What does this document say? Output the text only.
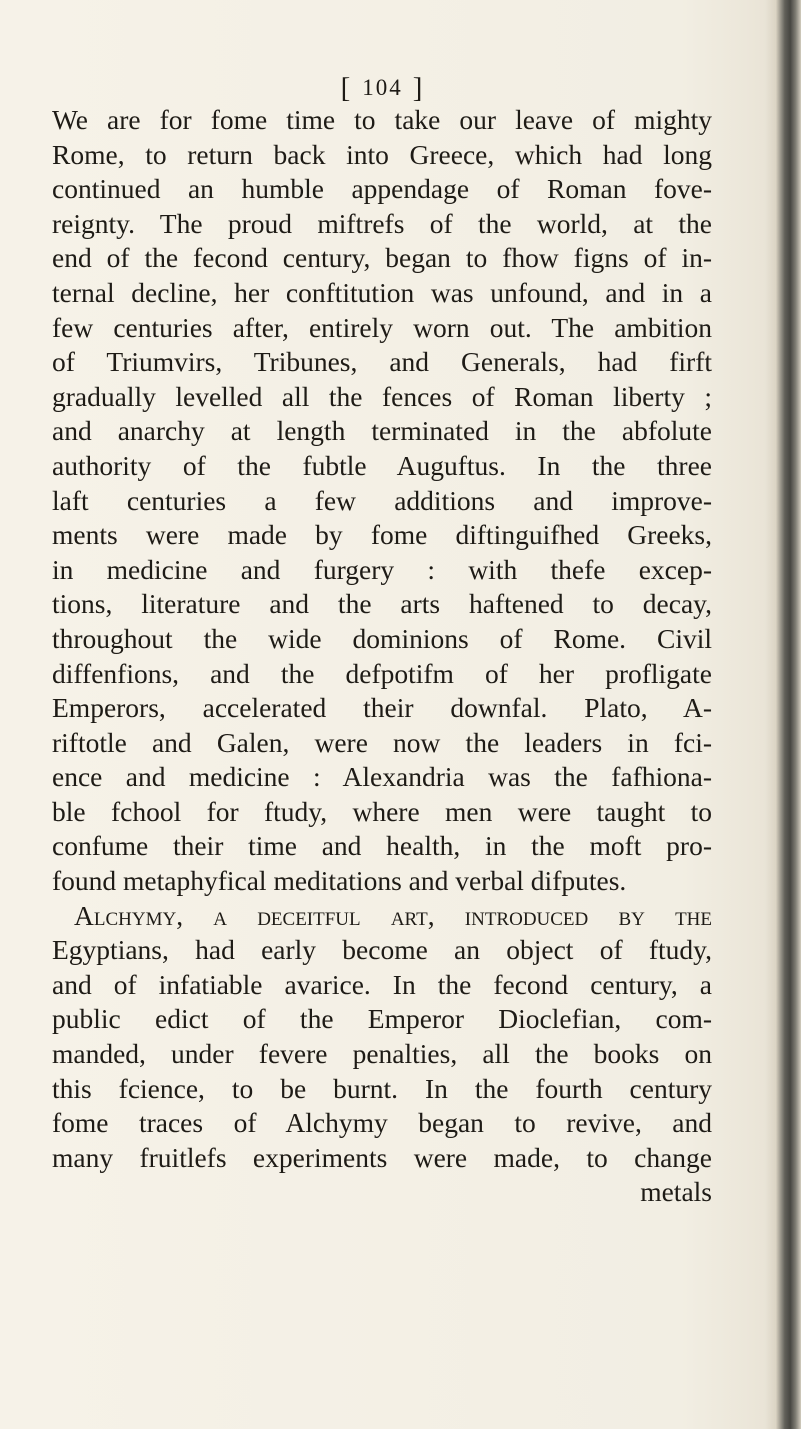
[ 104 ]
We are for fome time to take our leave of mighty
Rome, to return back into Greece, which had long
continued an humble appendage of Roman fove-
reignty. The proud miftrefs of the world, at the
end of the fecond century, began to fhow figns of in-
ternal decline, her conftitution was unfound, and in a
few centuries after, entirely worn out. The ambition
of Triumvirs, Tribunes, and Generals, had firft
gradually levelled all the fences of Roman liberty ;
and anarchy at length terminated in the abfolute
authority of the fubtle Auguftus. In the three
laft centuries a few additions and improve-
ments were made by fome diftinguifhed Greeks,
in medicine and furgery : with thefe excep-
tions, literature and the arts haftened to decay,
throughout the wide dominions of Rome. Civil
diffenfions, and the defpotifm of her profligate
Emperors, accelerated their downfal. Plato, A-
riftotle and Galen, were now the leaders in fci-
ence and medicine : Alexandria was the fafhiona-
ble fchool for ftudy, where men were taught to
confume their time and health, in the moft pro-
found metaphyfical meditations and verbal difputes.
Alchymy, a deceitful art, introduced by the
Egyptians, had early become an object of ftudy,
and of infatiable avarice. In the fecond century, a
public edict of the Emperor Dioclefian, com-
manded, under fevere penalties, all the books on
this fcience, to be burnt. In the fourth century
fome traces of Alchymy began to revive, and
many fruitlefs experiments were made, to change
metals
